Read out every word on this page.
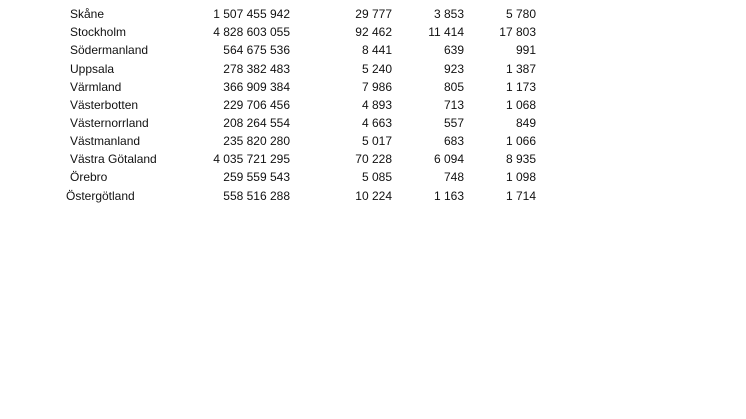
Skåne	1 507 455 942	29 777	3 853	5 780
Stockholm	4 828 603 055	92 462	11 414	17 803
Södermanland	564 675 536	8 441	639	991
Uppsala	278 382 483	5 240	923	1 387
Värmland	366 909 384	7 986	805	1 173
Västerbotten	229 706 456	4 893	713	1 068
Västernorrland	208 264 554	4 663	557	849
Västmanland	235 820 280	5 017	683	1 066
Västra Götaland	4 035 721 295	70 228	6 094	8 935
Örebro	259 559 543	5 085	748	1 098
Östergötland	558 516 288	10 224	1 163	1 714
